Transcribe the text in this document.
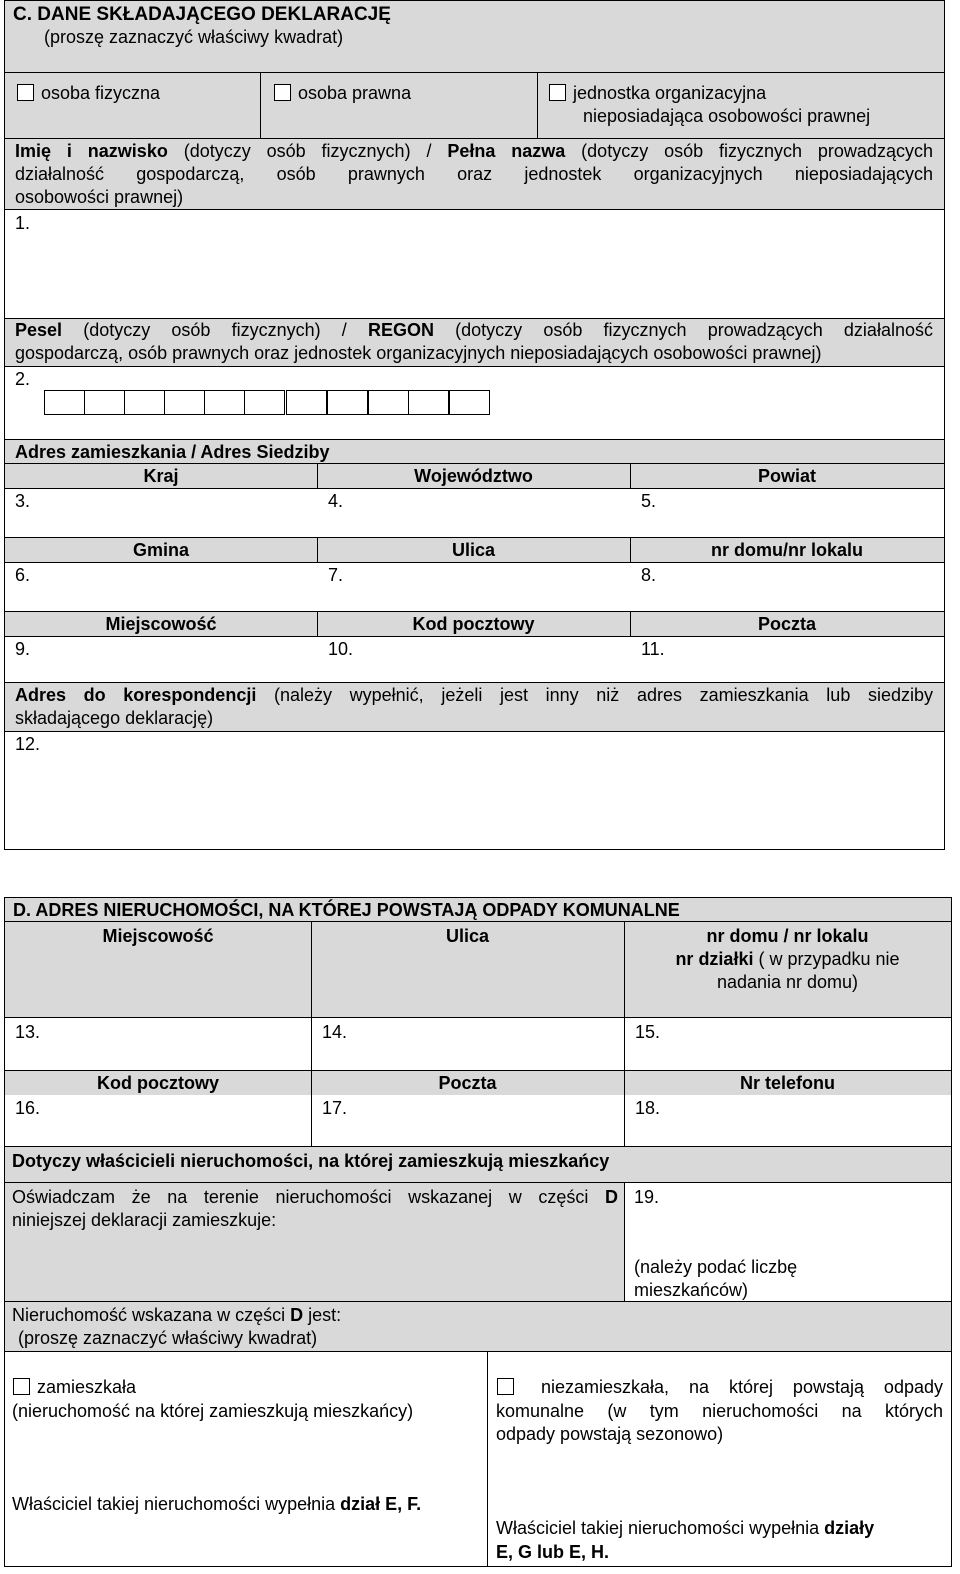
C. DANE SKŁADAJĄCEGO DEKLARACJĘ
(proszę zaznaczyć właściwy kwadrat)
osoba fizyczna	osoba prawna	jednostka organizacyjna
nieposiadająca osobowości prawnej
Imię i nazwisko (dotyczy osób fizycznych) / Pełna nazwa (dotyczy osób fizycznych prowadzących
działalność gospodarczą, osób prawnych oraz jednostek organizacyjnych nieposiadających
osobowości prawnej)
1.
Pesel (dotyczy osób fizycznych) / REGON (dotyczy osób fizycznych prowadzących działalność
gospodarczą, osób prawnych oraz jednostek organizacyjnych nieposiadających osobowości prawnej)
2.
Adres zamieszkania / Adres Siedziby
Kraj	Województwo	Powiat
3.	4.	5.
Gmina	Ulica	nr domu/nr lokalu
6.	7.	8.
Miejscowość	Kod pocztowy	Poczta
9.	10.	11.
Adres do korespondencji (należy wypełnić, jeżeli jest inny niż adres zamieszkania lub siedziby
składającego deklarację)
12.
D. ADRES NIERUCHOMOŚCI, NA KTÓREJ POWSTAJĄ ODPADY KOMUNALNE
Miejscowość	Ulica	nr domu / nr lokalu
nr działki ( w przypadku nie
nadania nr domu)
13.	14.	15.
Kod pocztowy	Poczta	Nr telefonu
16.	17.	18.
Dotyczy właścicieli nieruchomości, na której zamieszkują mieszkańcy
Oświadczam że na terenie nieruchomości wskazanej w części D
niniejszej deklaracji zamieszkuje:
19.
(należy podać liczbę
mieszkańców)
Nieruchomość wskazana w części D jest:
(proszę zaznaczyć właściwy kwadrat)
zamieszkała
(nieruchomość na której zamieszkują mieszkańcy)
Właściciel takiej nieruchomości wypełnia dział E, F.
niezamieszkała, na której powstają odpady
komunalne (w tym nieruchomości na których
odpady powstają sezonowo)
Właściciel takiej nieruchomości wypełnia działy
E, G lub E, H.
